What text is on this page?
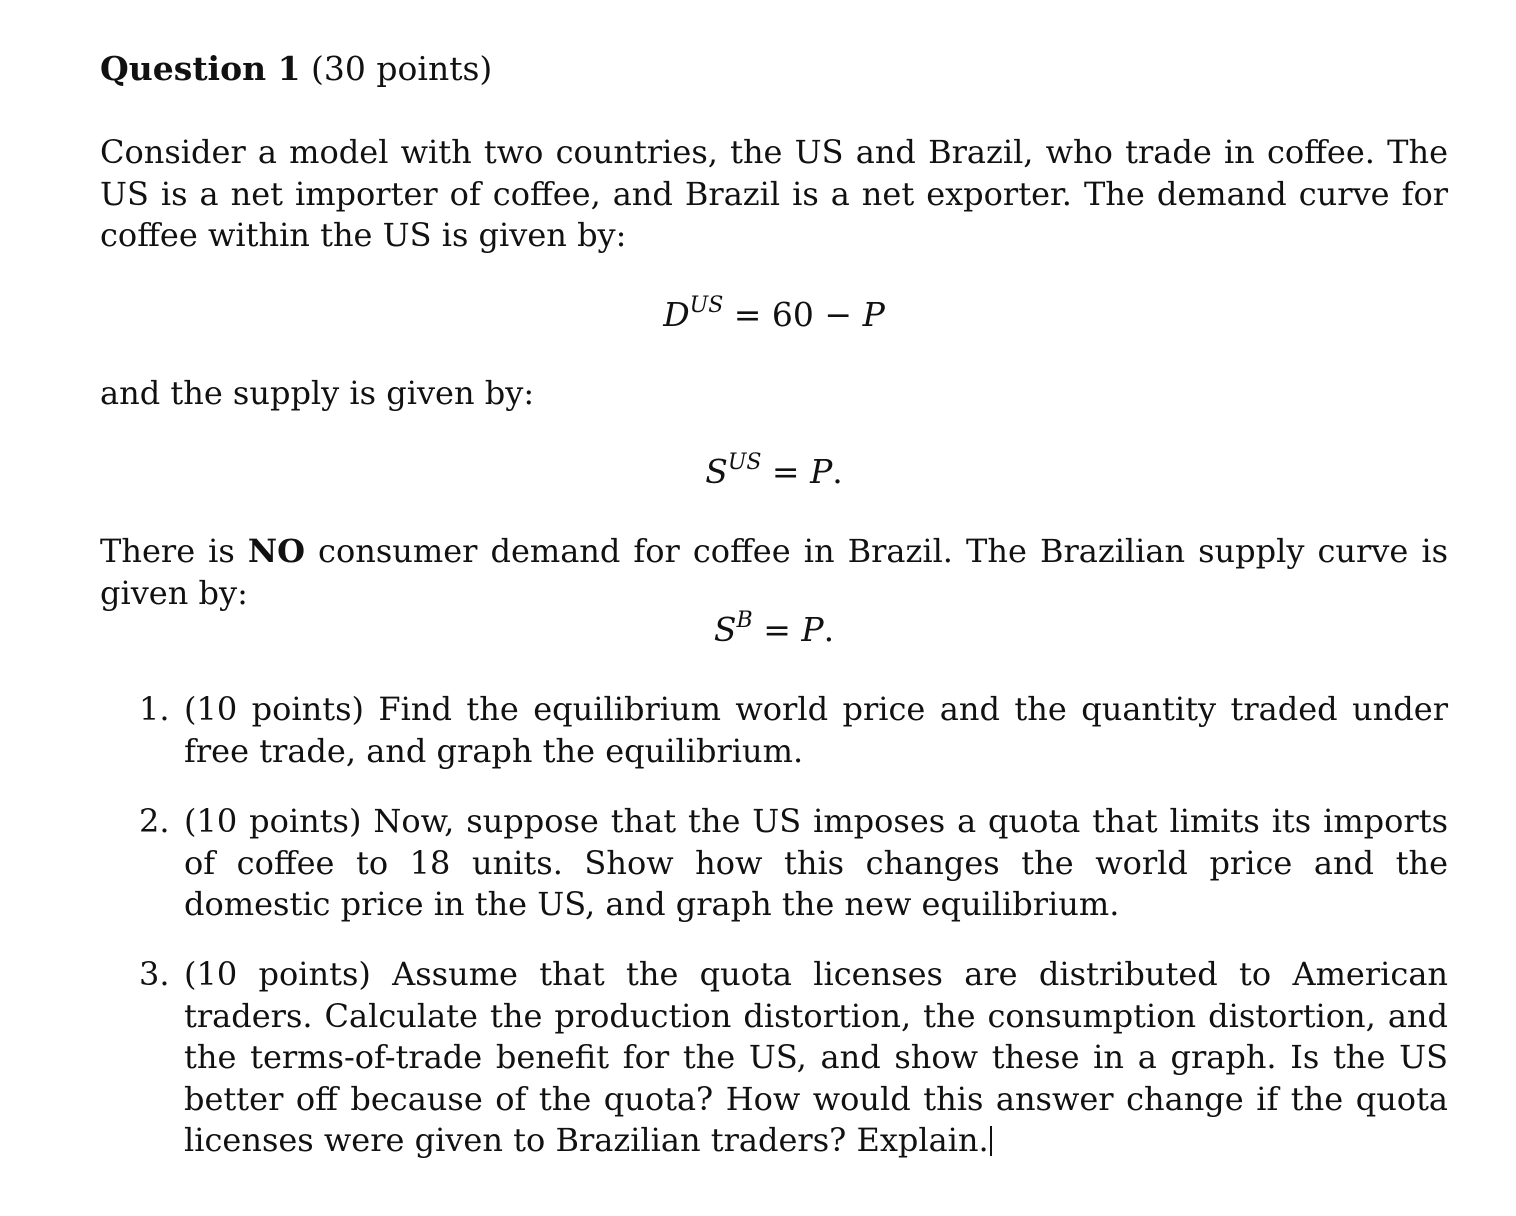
Question 1 (30 points)
Consider a model with two countries, the US and Brazil, who trade in coffee. The US is a net importer of coffee, and Brazil is a net exporter. The demand curve for coffee within the US is given by:
$D^{US} = 60 - P$
and the supply is given by:
$S^{US} = P$.
There is NO consumer demand for coffee in Brazil. The Brazilian supply curve is given by:
$S^B = P$.
1. (10 points) Find the equilibrium world price and the quantity traded under free trade, and graph the equilibrium.
2. (10 points) Now, suppose that the US imposes a quota that limits its imports of coffee to 18 units. Show how this changes the world price and the domestic price in the US, and graph the new equilibrium.
3. (10 points) Assume that the quota licenses are distributed to American traders. Calculate the production distortion, the consumption distortion, and the terms-of-trade benefit for the US, and show these in a graph. Is the US better off because of the quota? How would this answer change if the quota licenses were given to Brazilian traders? Explain.
